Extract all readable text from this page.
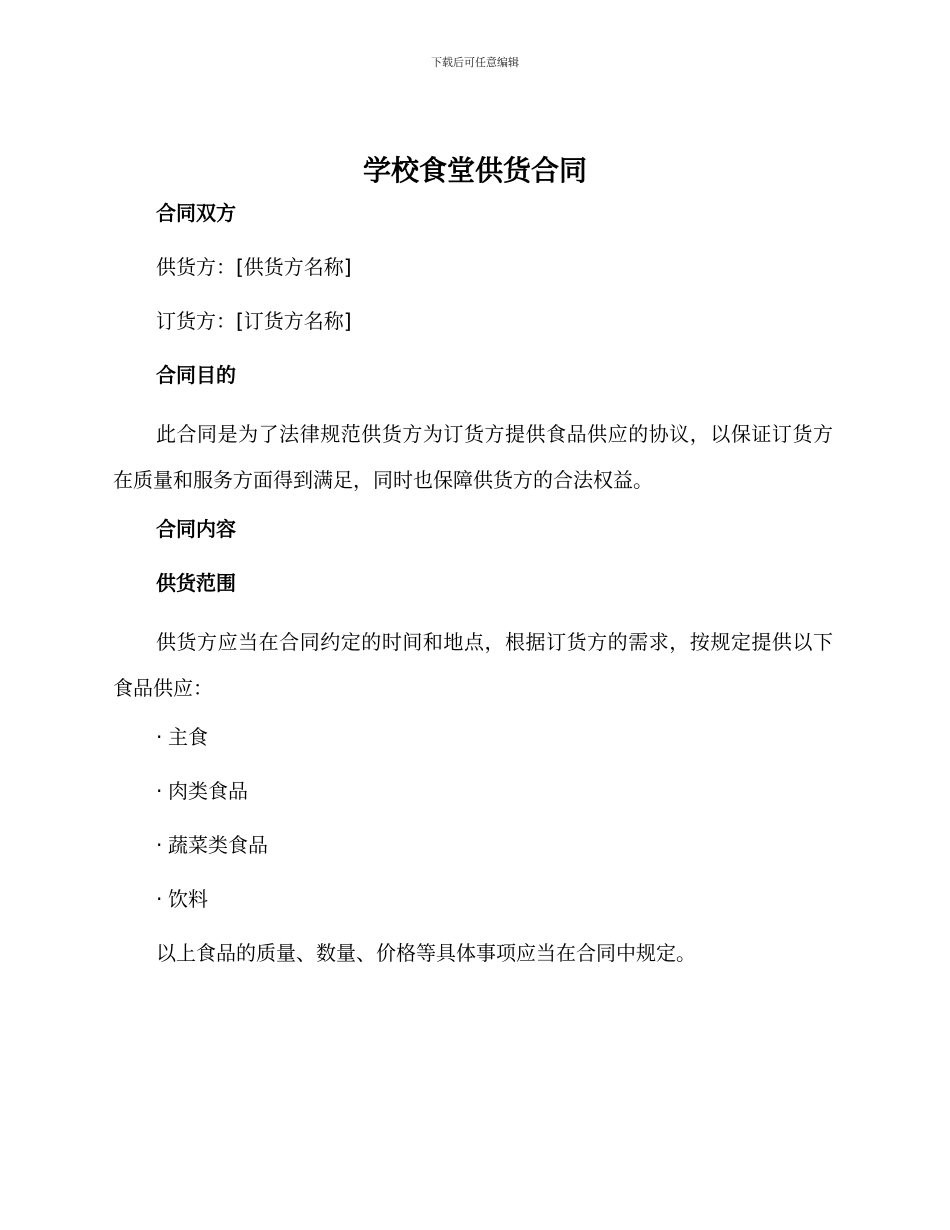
下载后可任意编辑
学校食堂供货合同

合同双方

供货方：[供货方名称]

订货方：[订货方名称]

合同目的

此合同是为了法律规范供货方为订货方提供食品供应的协议，以保证订货方在质量和服务方面得到满足，同时也保障供货方的合法权益。

合同内容

供货范围

供货方应当在合同约定的时间和地点，根据订货方的需求，按规定提供以下食品供应：

· 主食

· 肉类食品

· 蔬菜类食品

· 饮料

以上食品的质量、数量、价格等具体事项应当在合同中规定。
